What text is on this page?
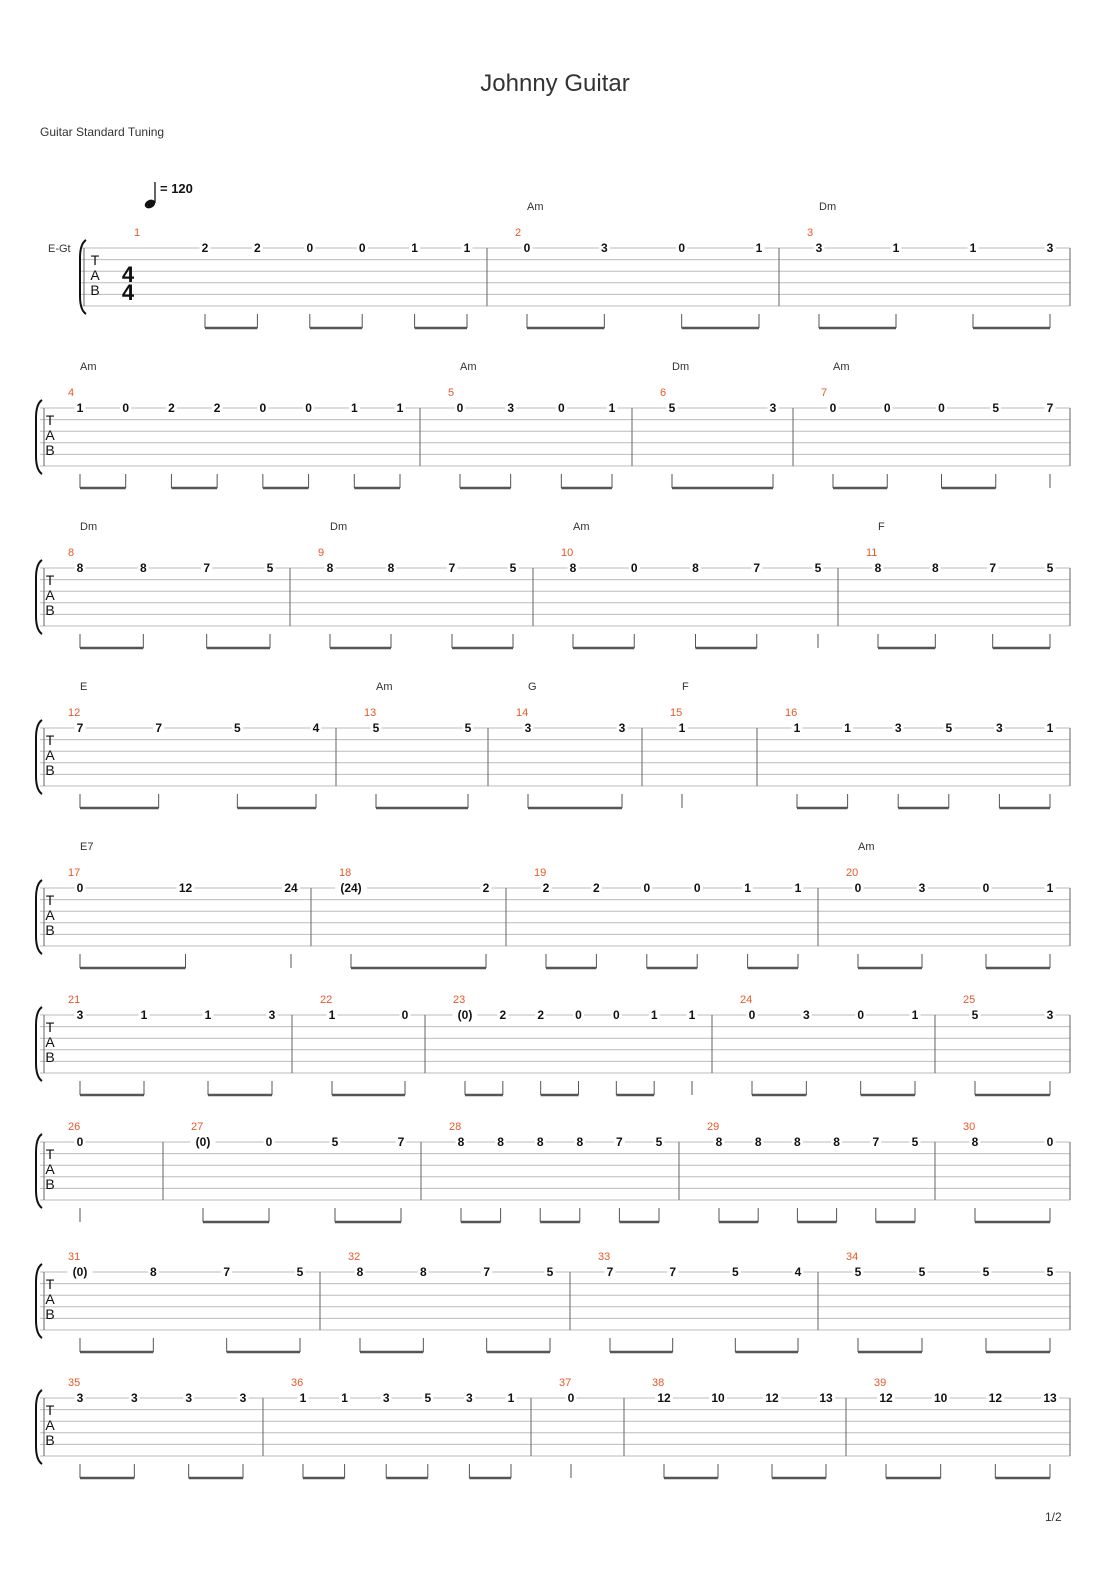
Johnny Guitar
Guitar Standard Tuning
1/2
= 120
E-Gt
T
A
B
4
4
1
2	2	0	0	1	1
2
Am
0	3	0	1
3
Dm
3	1	1	3
T
A
B
4
Am
1	0	2	2	0	0	1	1
5
Am
0	3	0	1
6
Dm
5	3
7
Am
0	0	0	5	7
T
A
B
8
Dm
8	8	7	5
9
Dm
8	8	7	5
10
Am
8	0	8	7	5
11
F
8	8	7	5
T
A
B
12
E
7	7	5	4
13
Am
5	5
14
G
3	3
15
F
1
16
1	1	3	5	3	1
T
A
B
17
E7
0	12	24
18
(24)	2
19
2	2	0	0	1	1
20
Am
0	3	0	1
T
A
B
21
3	1	1	3
22
1	0
23
(0) 2	2	0	0	1	1
24
0	3	0	1
25
5	3
T
A
B
26
0
27
(0)	0	5	7
28
8	8	8	8	7	5
29
8	8	8	8	7	5
30
8	0
T
A
B
31
(0)	8	7	5
32
8	8	7	5
33
7	7	5	4
34
5	5	5	5
T
A
B
35
3	3	3	3
36
1	1	3	5	3	1
37
0
38
12	10	12	13
39
12	10	12	13
